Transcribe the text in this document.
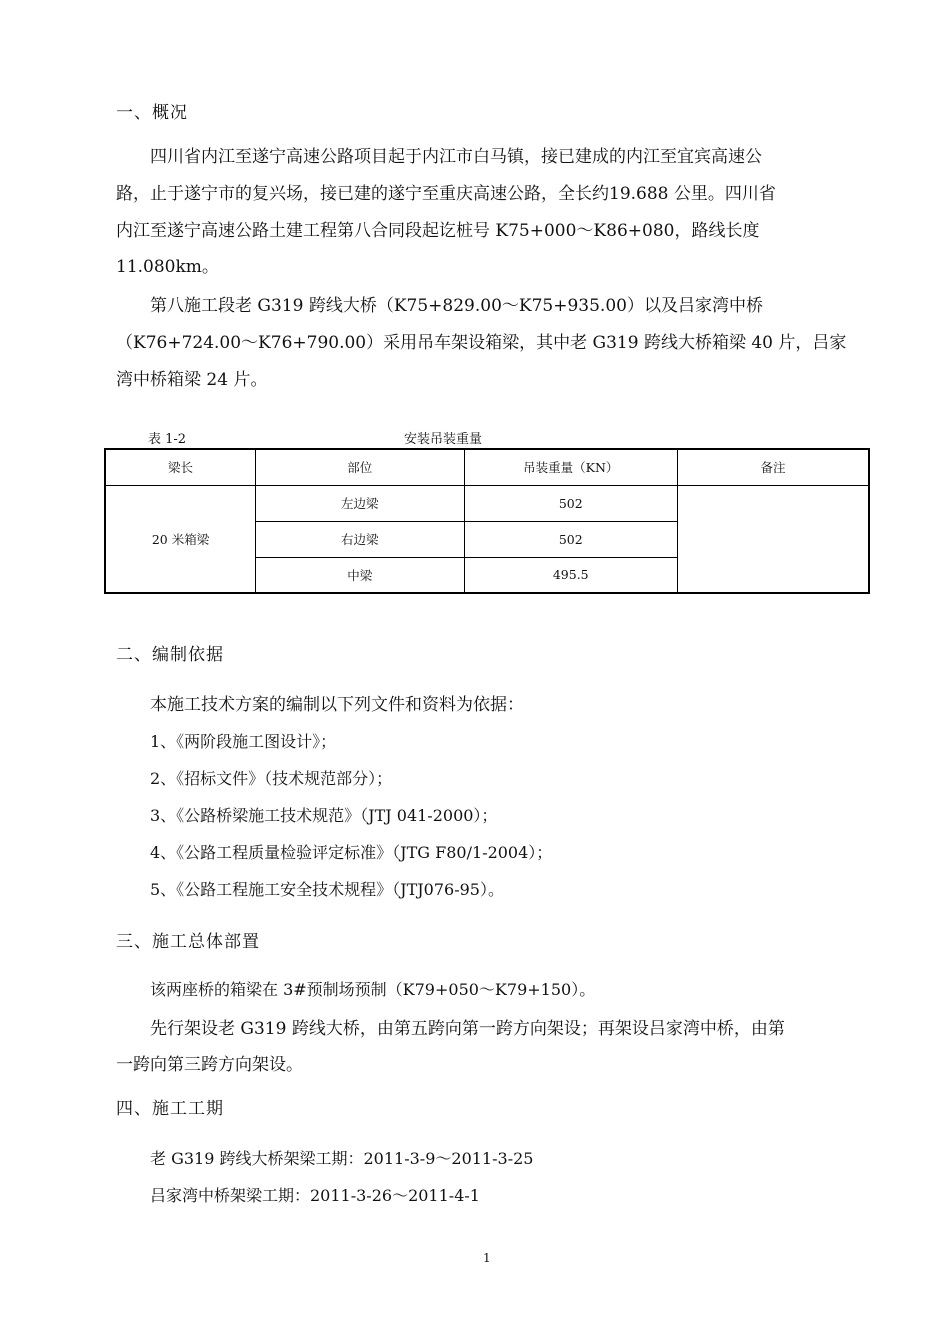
一、概况
四川省内江至遂宁高速公路项目起于内江市白马镇，接已建成的内江至宜宾高速公
路，止于遂宁市的复兴场，接已建的遂宁至重庆高速公路，全长约19.688 公里。四川省
内江至遂宁高速公路土建工程第八合同段起讫桩号 K75+000～K86+080，路线长度
11.080km。
第八施工段老 G319 跨线大桥（K75+829.00～K75+935.00）以及吕家湾中桥
（K76+724.00～K76+790.00）采用吊车架设箱梁，其中老 G319 跨线大桥箱梁 40 片，吕家
湾中桥箱梁 24 片。
表 1-2	安装吊装重量
梁长	部位	吊装重量（KN）	备注
20 米箱梁	左边梁	502	
	右边梁	502	
	中梁	495.5	
二、编制依据
本施工技术方案的编制以下列文件和资料为依据：
1、《两阶段施工图设计》；
2、《招标文件》（技术规范部分）；
3、《公路桥梁施工技术规范》（JTJ 041-2000）；
4、《公路工程质量检验评定标准》（JTG F80/1-2004）；
5、《公路工程施工安全技术规程》（JTJ076-95）。
三、施工总体部置
该两座桥的箱梁在 3#预制场预制（K79+050～K79+150）。
先行架设老 G319 跨线大桥，由第五跨向第一跨方向架设；再架设吕家湾中桥，由第
一跨向第三跨方向架设。
四、施工工期
老 G319 跨线大桥架梁工期：2011-3-9～2011-3-25
吕家湾中桥架梁工期：2011-3-26～2011-4-1
1
